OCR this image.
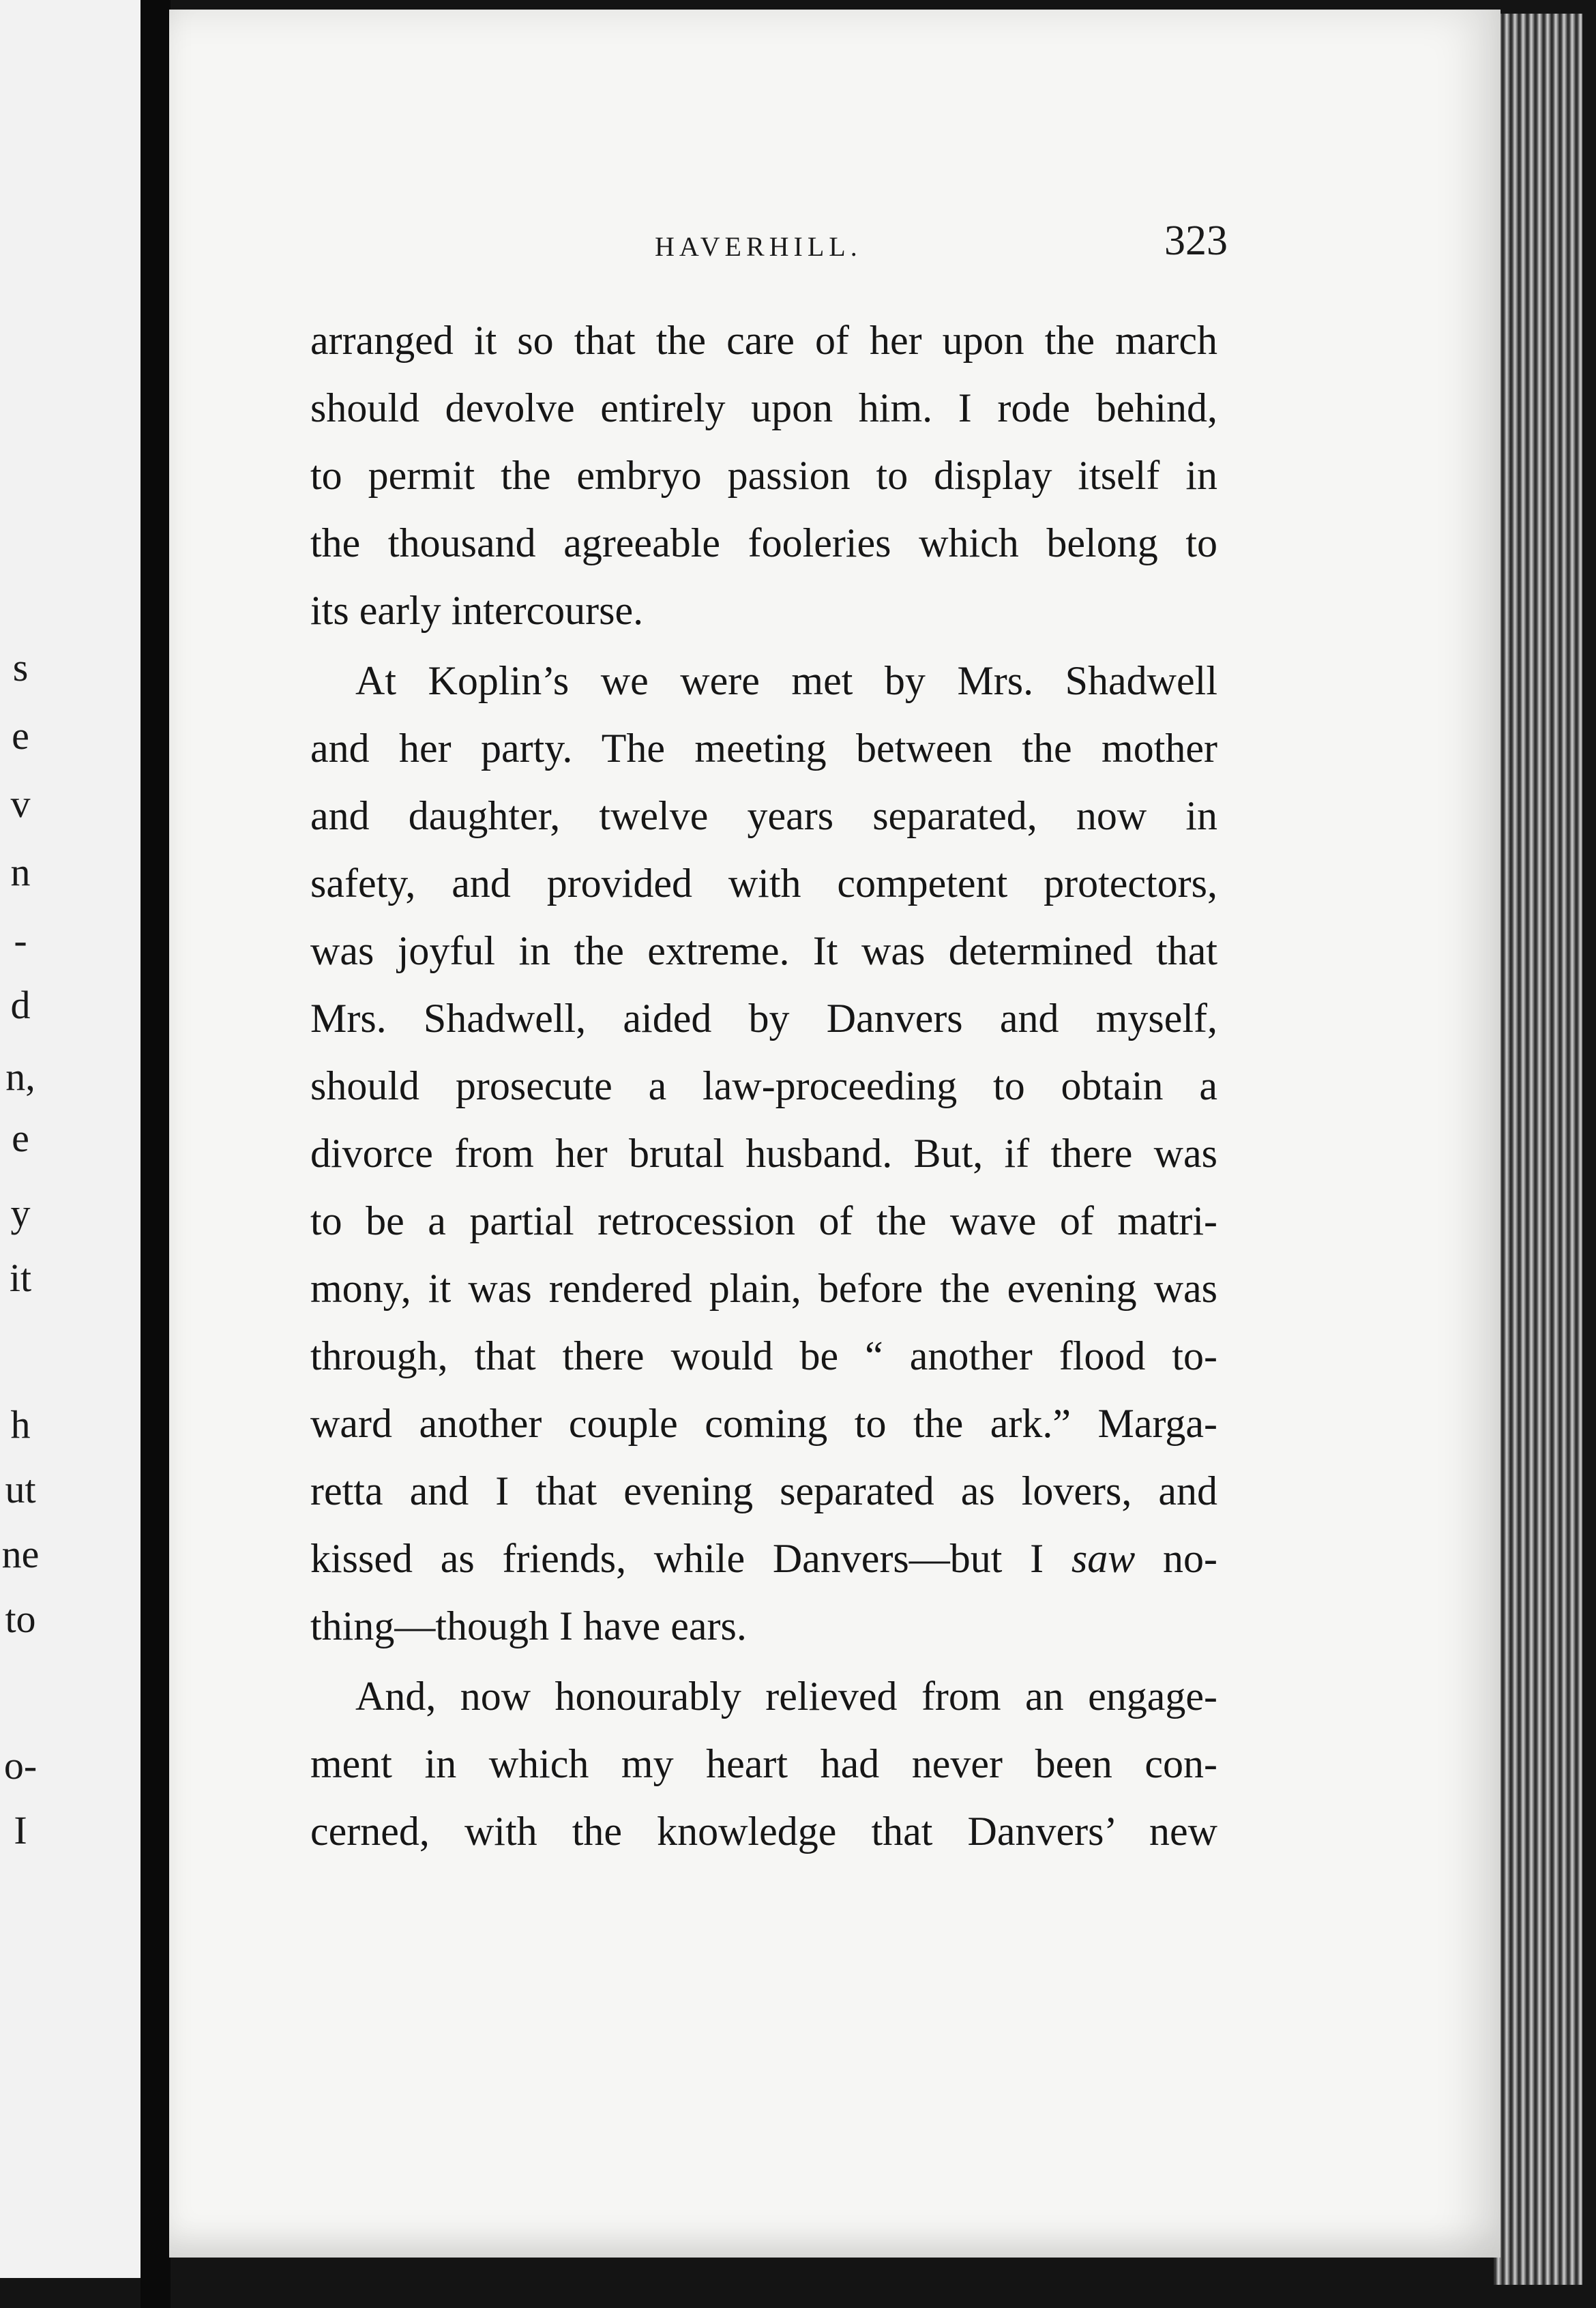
s
e
v
n
-
d
n,
e
y
it
h
ut
ne
to
o-
I
HAVERHILL.	323

arranged it so that the care of her upon the march
should devolve entirely upon him. I rode behind,
to permit the embryo passion to display itself in
the thousand agreeable fooleries which belong to
its early intercourse.

At Koplin’s we were met by Mrs. Shadwell
and her party. The meeting between the mother
and daughter, twelve years separated, now in
safety, and provided with competent protectors,
was joyful in the extreme. It was determined that
Mrs. Shadwell, aided by Danvers and myself,
should prosecute a law-proceeding to obtain a
divorce from her brutal husband. But, if there was
to be a partial retrocession of the wave of matri-
mony, it was rendered plain, before the evening was
through, that there would be “ another flood to-
ward another couple coming to the ark.” Marga-
retta and I that evening separated as lovers, and
kissed as friends, while Danvers—but I saw no-
thing—though I have ears.

And, now honourably relieved from an engage-
ment in which my heart had never been con-
cerned, with the knowledge that Danvers’ new
